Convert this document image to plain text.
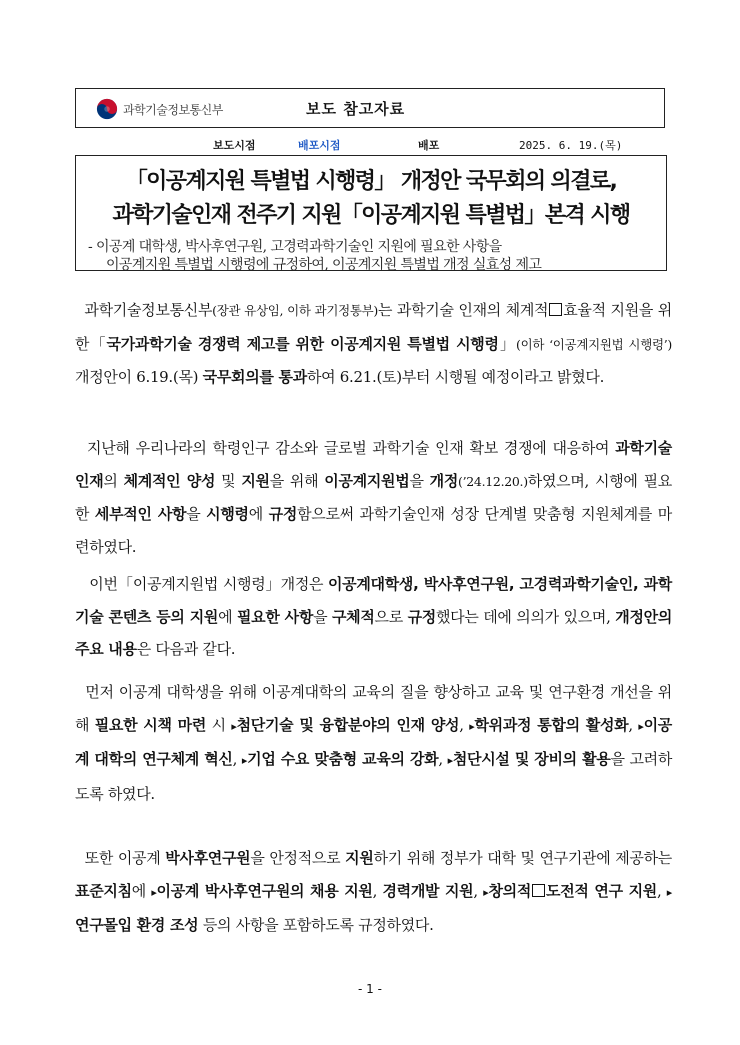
과학기술정보통신부	보도 참고자료
보도시점	배포시점	배포	2025. 6. 19.(목)
「이공계지원 특별법 시행령」 개정안 국무회의 의결로,
과학기술인재 전주기 지원「이공계지원 특별법」본격 시행
- 이공계 대학생, 박사후연구원, 고경력과학기술인 지원에 필요한 사항을
이공계지원 특별법 시행령에 규정하여, 이공계지원 특별법 개정 실효성 제고

과학기술정보통신부(장관 유상임, 이하 과기정통부)는 과학기술 인재의 체계적 효율적 지원을 위한「국가과학기술 경쟁력 제고를 위한 이공계지원 특별법 시행령」(이하 ‘이공계지원법 시행령’) 개정안이 6.19.(목) 국무회의를 통과하여 6.21.(토)부터 시행될 예정이라고 밝혔다.

지난해 우리나라의 학령인구 감소와 글로벌 과학기술 인재 확보 경쟁에 대응하여 과학기술 인재의 체계적인 양성 및 지원을 위해 이공계지원법을 개정(’24.12.20.)하였으며, 시행에 필요한 세부적인 사항을 시행령에 규정함으로써 과학기술인재 성장 단계별 맞춤형 지원체계를 마련하였다.

이번「이공계지원법 시행령」개정은 이공계대학생, 박사후연구원, 고경력과학기술인, 과학기술 콘텐츠 등의 지원에 필요한 사항을 구체적으로 규정했다는 데에 의의가 있으며, 개정안의 주요 내용은 다음과 같다.

먼저 이공계 대학생을 위해 이공계대학의 교육의 질을 향상하고 교육 및 연구환경 개선을 위해 필요한 시책 마련 시 ▸첨단기술 및 융합분야의 인재 양성, ▸학위과정 통합의 활성화, ▸이공계 대학의 연구체계 혁신, ▸기업 수요 맞춤형 교육의 강화, ▸첨단시설 및 장비의 활용을 고려하도록 하였다.

또한 이공계 박사후연구원을 안정적으로 지원하기 위해 정부가 대학 및 연구기관에 제공하는 표준지침에 ▸이공계 박사후연구원의 채용 지원, 경력개발 지원, ▸창의적 도전적 연구 지원, ▸연구몰입 환경 조성 등의 사항을 포함하도록 규정하였다.

- 1 -
